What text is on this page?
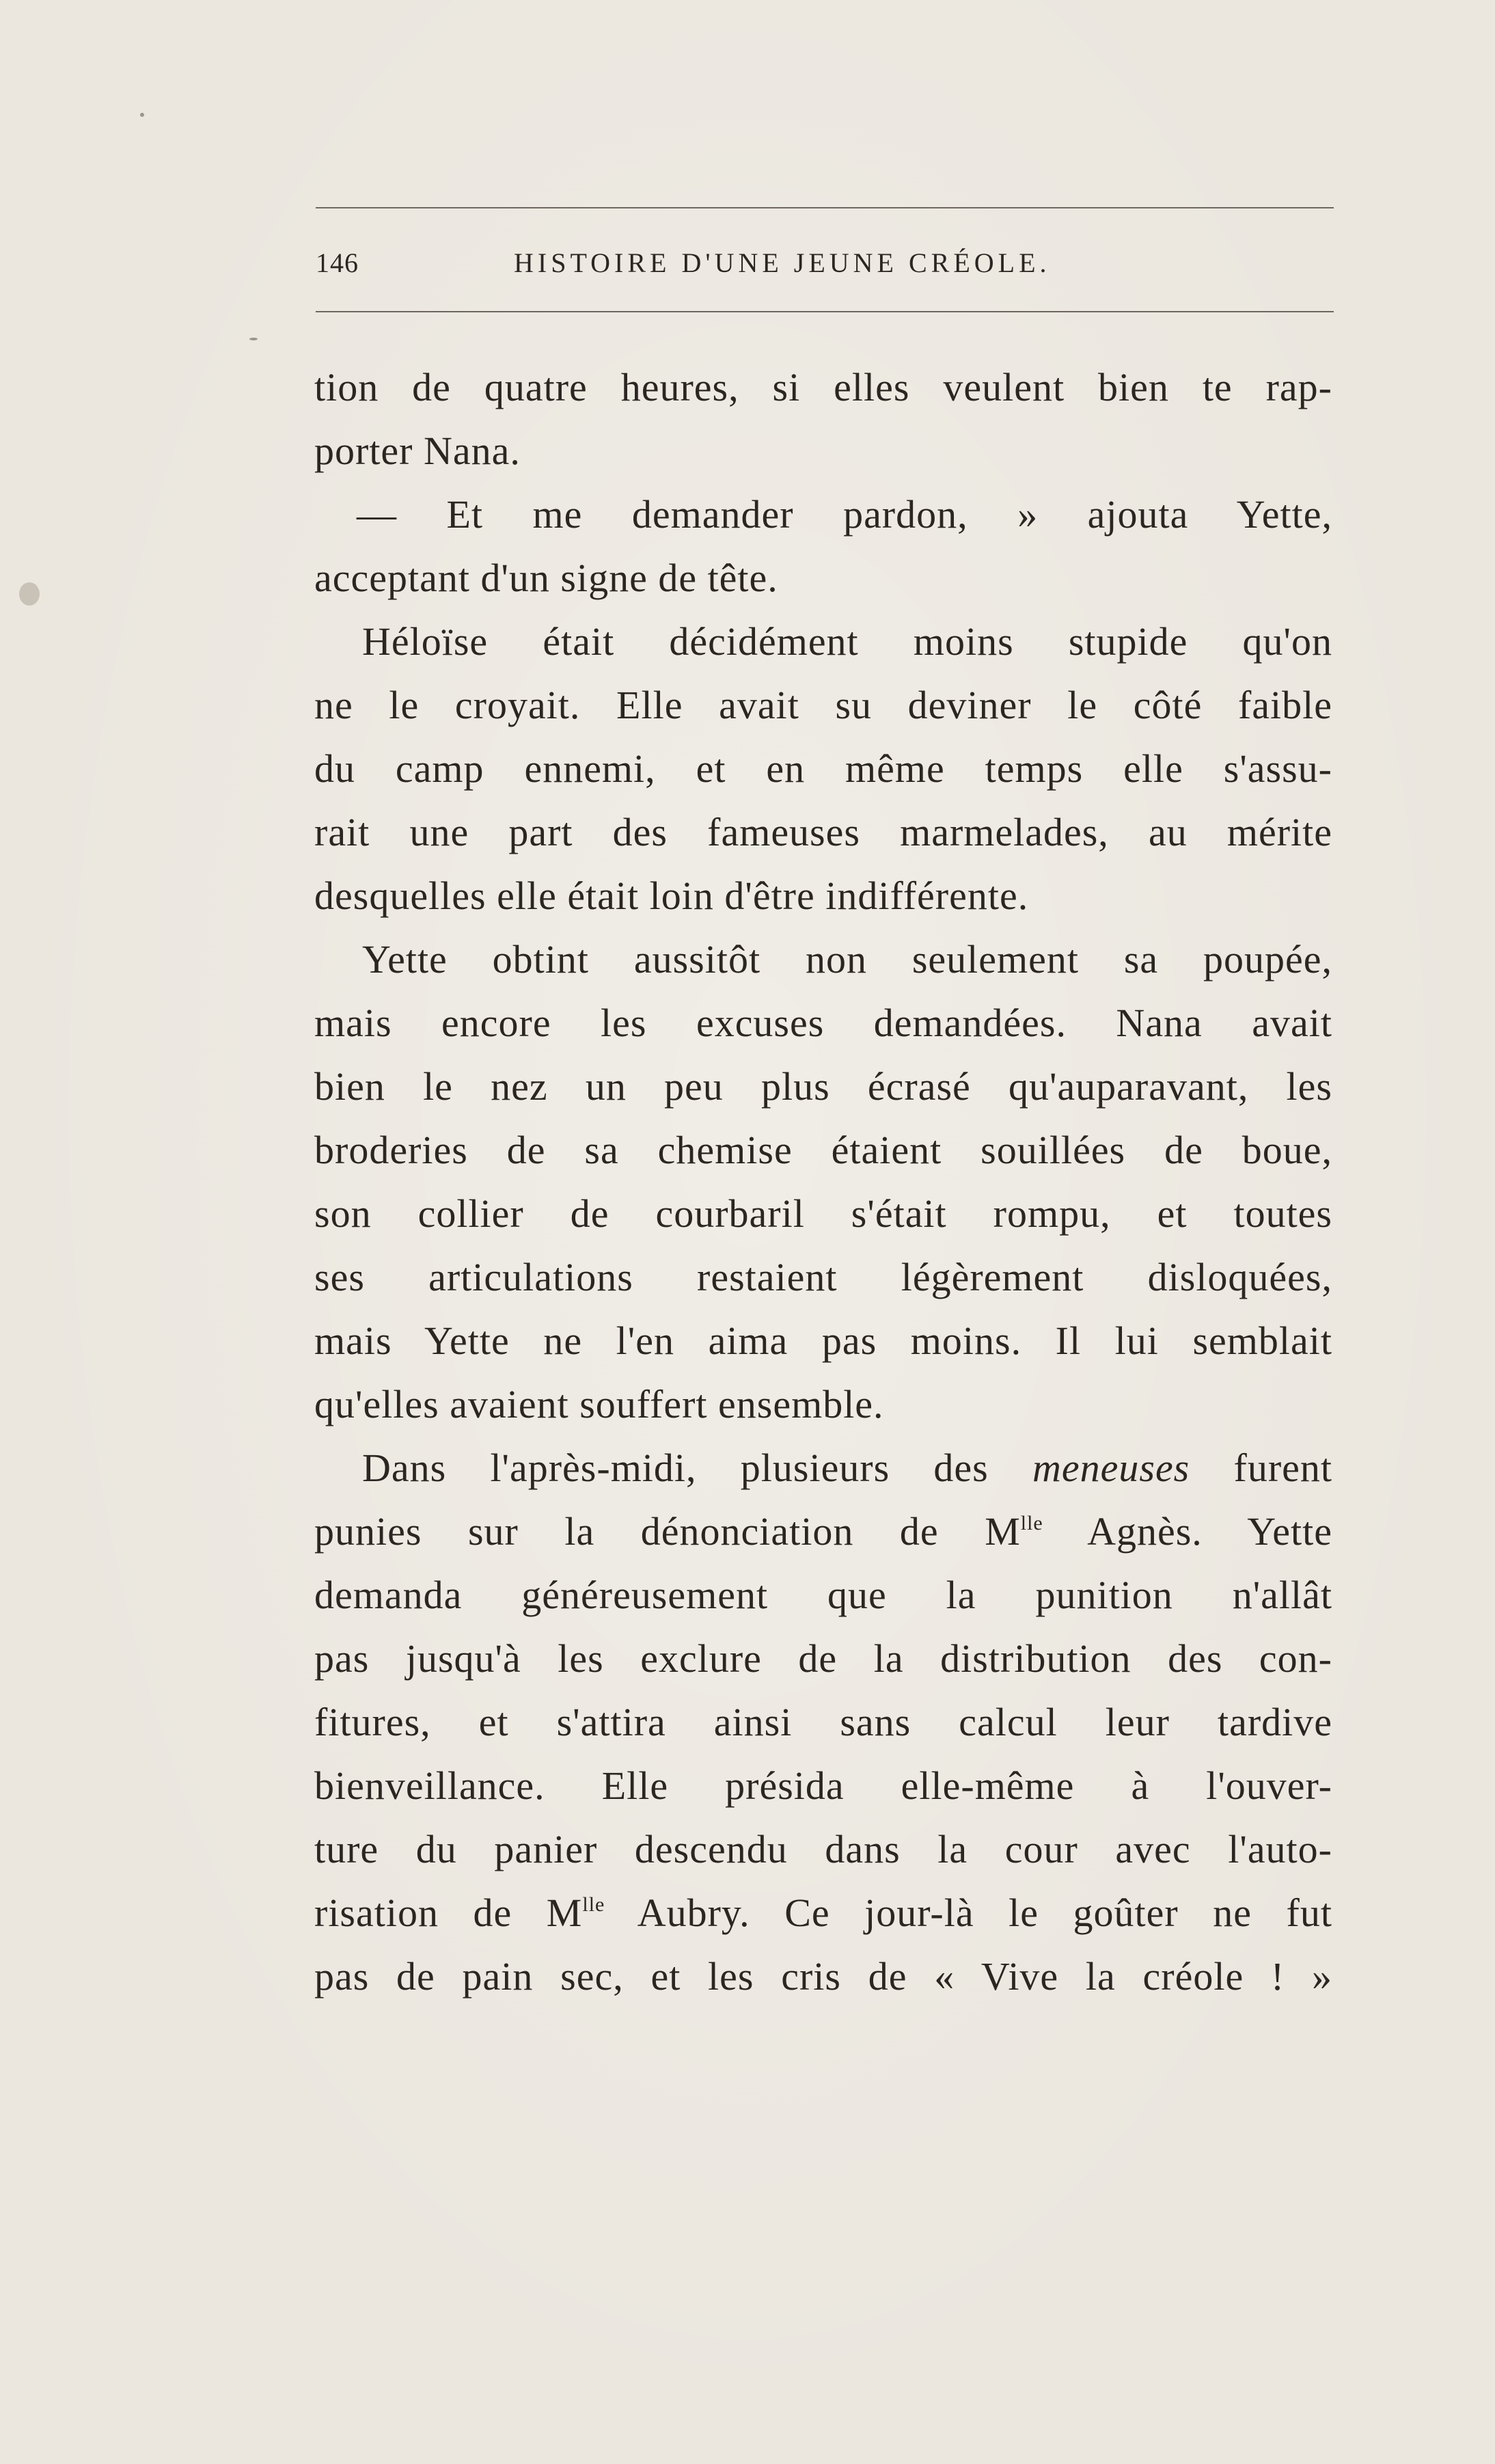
146	HISTOIRE D'UNE JEUNE CRÉOLE.
tion de quatre heures, si elles veulent bien te rap-
porter Nana.
— Et me demander pardon, » ajouta Yette,
acceptant d'un signe de tête.
Héloïse était décidément moins stupide qu'on
ne le croyait. Elle avait su deviner le côté faible
du camp ennemi, et en même temps elle s'assu-
rait une part des fameuses marmelades, au mérite
desquelles elle était loin d'être indifférente.
Yette obtint aussitôt non seulement sa poupée,
mais encore les excuses demandées. Nana avait
bien le nez un peu plus écrasé qu'auparavant, les
broderies de sa chemise étaient souillées de boue,
son collier de courbaril s'était rompu, et toutes
ses articulations restaient légèrement disloquées,
mais Yette ne l'en aima pas moins. Il lui semblait
qu'elles avaient souffert ensemble.
Dans l'après-midi, plusieurs des meneuses furent
punies sur la dénonciation de $M^{lle}$ Agnès. Yette
demanda généreusement que la punition n'allât
pas jusqu'à les exclure de la distribution des con-
fitures, et s'attira ainsi sans calcul leur tardive
bienveillance. Elle présida elle-même à l'ouver-
ture du panier descendu dans la cour avec l'auto-
risation de $M^{lle}$ Aubry. Ce jour-là le goûter ne fut
pas de pain sec, et les cris de « Vive la créole ! »
